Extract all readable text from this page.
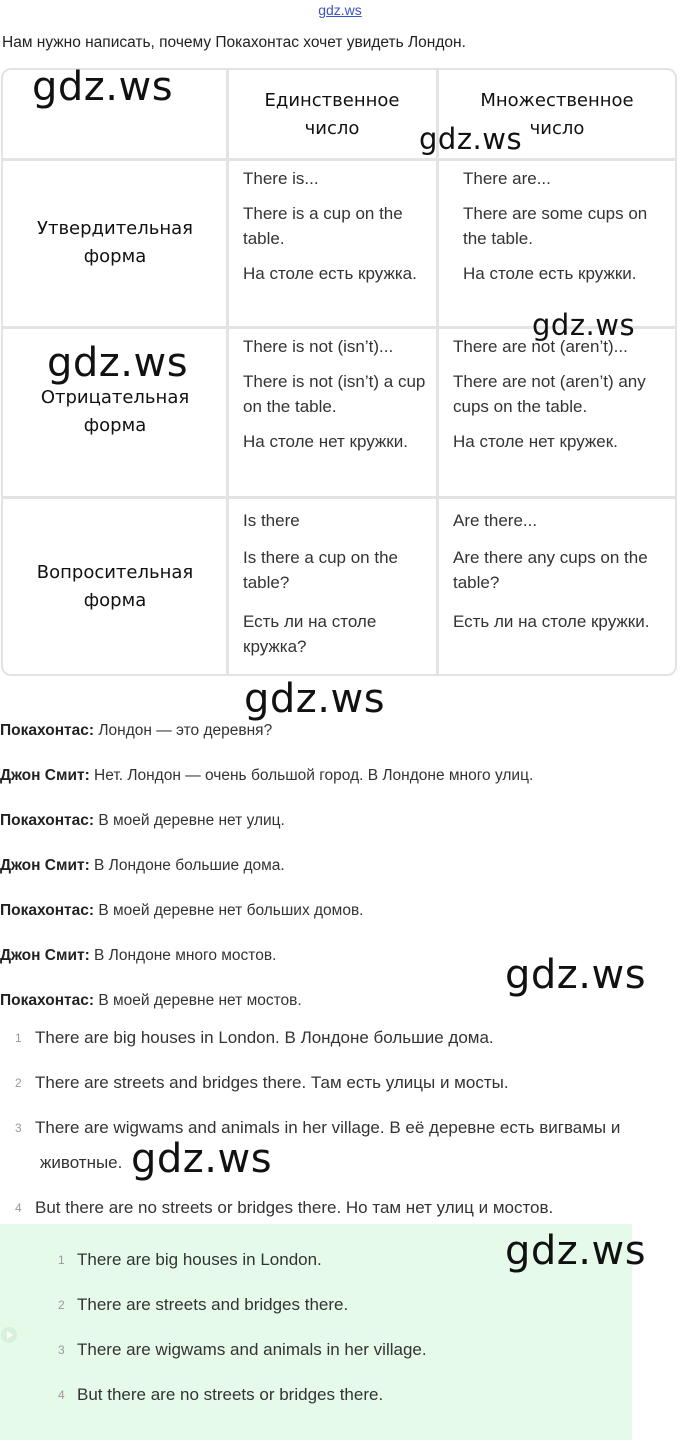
gdz.ws
Нам нужно написать, почему Покахонтас хочет увидеть Лондон.
Единственное число
Множественное число
Утвердительная форма

There is...

There is a cup on the table.

На столе есть кружка.

There are...

There are some cups on the table.

На столе есть кружки.

Отрицательная форма

There is not (isn’t)...

There is not (isn’t) a cup on the table.

На столе нет кружки.

There are not (aren’t)...

There are not (aren’t) any cups on the table.

На столе нет кружек.

Вопросительная форма

Is there

Is there a cup on the table?

Есть ли на столе кружка?

Are there...

Are there any cups on the table?

Есть ли на столе кружки.

Покахонтас: Лондон — это деревня?
Джон Смит: Нет. Лондон — очень большой город. В Лондоне много улиц.
Покахонтас: В моей деревне нет улиц.
Джон Смит: В Лондоне большие дома.
Покахонтас: В моей деревне нет больших домов.
Джон Смит: В Лондоне много мостов.
Покахонтас: В моей деревне нет мостов.
1 There are big houses in London. В Лондоне большие дома.
2 There are streets and bridges there. Там есть улицы и мосты.
3 There are wigwams and animals in her village. В её деревне есть вигвамы и
животные.
4 But there are no streets or bridges there. Но там нет улиц и мостов.
1 There are big houses in London.
2 There are streets and bridges there.
3 There are wigwams and animals in her village.
4 But there are no streets or bridges there.
gdz.ws
gdz.ws
gdz.ws
gdz.ws
gdz.ws
gdz.ws
gdz.ws
gdz.ws
